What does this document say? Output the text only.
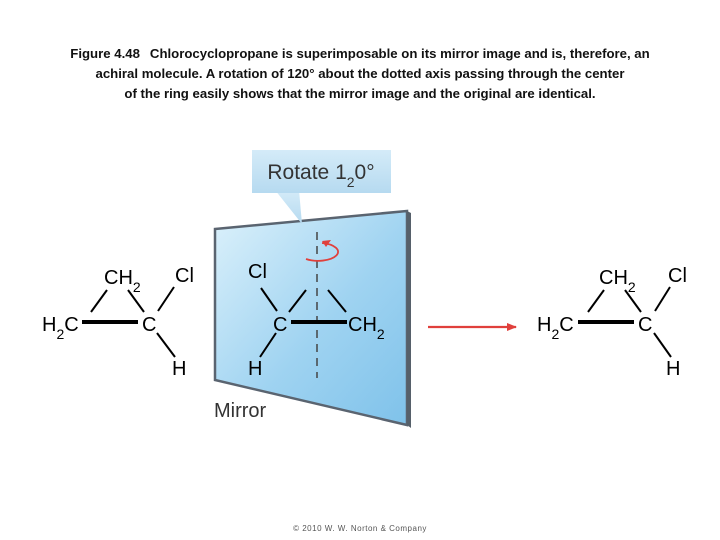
Figure 4.48 Chlorocyclopropane is superimposable on its mirror image and is, therefore, an
achiral molecule. A rotation of 120° about the dotted axis passing through the center
of the ring easily shows that the mirror image and the original are identical.

Rotate $1_20^\circ$
Mirror
$CH_2$
$H_2C$	C
Cl
H
Cl
C	$CH_2$
H
$CH_2$
$H_2C$	C
Cl
H
© 2010 W. W. Norton & Company
